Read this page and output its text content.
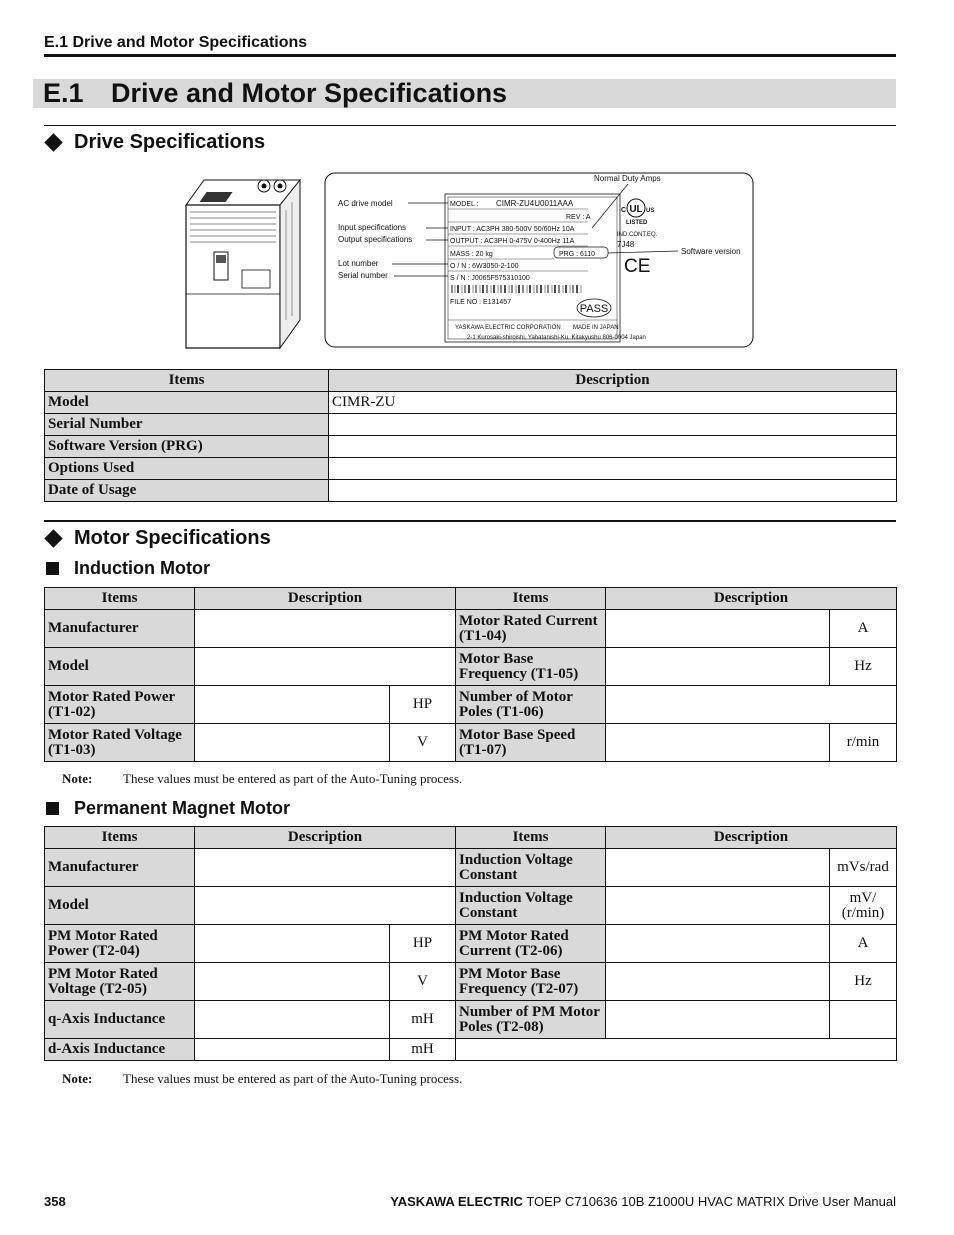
E.1 Drive and Motor Specifications
E.1 Drive and Motor Specifications
Drive Specifications
AC drive model
Input specifications
Output specifications
Lot number
Serial number
Normal Duty Amps
Software version
MODEL : CIMR-ZU4U0011AAA
REV : A
INPUT : AC3PH 380-500V 50/60Hz 10A
OUTPUT : AC3PH 0-475V 0-400Hz 11A
MASS : 20 kg	PRG : 6110
O / N : 6W3050-2-100
S / N : J0065F575310100
FILE NO : E131457
PASS
YASKAWA ELECTRIC CORPORATION MADE IN JAPAN
2-1 Kurosaki-shiroishi, Yahatanishi-Ku, Kitakyushu 806-0004 Japan
UL
C	US
LISTED
IND.CONT.EQ.
7J48
CE
Items	Description
Model	CIMR-ZU
Serial Number	
Software Version (PRG)	
Options Used	
Date of Usage	
Motor Specifications
Induction Motor
Items	Description		Items	Description	
Manufacturer			Motor Rated Current (T1-04)		A
Model			Motor Base Frequency (T1-05)		Hz
Motor Rated Power (T1-02)		HP	Number of Motor Poles (T1-06)		
Motor Rated Voltage (T1-03)		V	Motor Base Speed (T1-07)		r/min
Note: These values must be entered as part of the Auto-Tuning process.
Permanent Magnet Motor
Items	Description		Items	Description	
Manufacturer			Induction Voltage Constant		mVs/rad
Model			Induction Voltage Constant		mV/ (r/min)
PM Motor Rated Power (T2-04)		HP	PM Motor Rated Current (T2-06)		A
PM Motor Rated Voltage (T2-05)		V	PM Motor Base Frequency (T2-07)		Hz
q-Axis Inductance		mH	Number of PM Motor Poles (T2-08)		
d-Axis Inductance		mH			
Note: These values must be entered as part of the Auto-Tuning process.
358	YASKAWA ELECTRIC TOEP C710636 10B Z1000U HVAC MATRIX Drive User Manual
